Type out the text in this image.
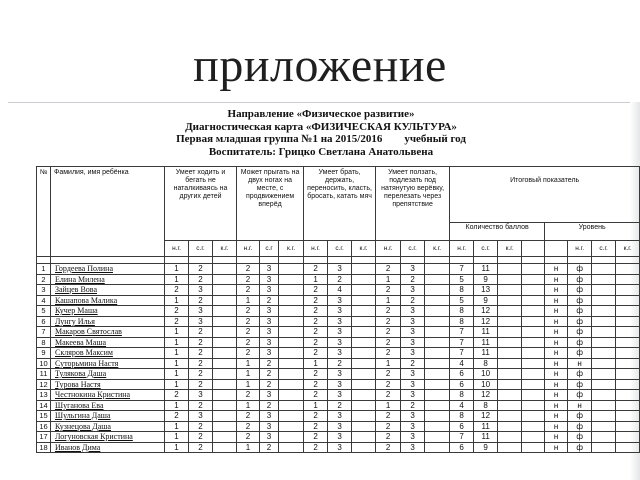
приложение
Направление «Физическое развитие»
Диагностическая карта «ФИЗИЧЕСКАЯ КУЛЬТУРА»
Первая младшая группа №1 на 2015/2016 учебный год
Воспитатель: Грицко Светлана Анатольвена
№	Фамилия, имя ребёнка	Умеет ходить и бегать не наталкиваясь на других детей			Может прыгать на двух ногах на месте, с продвижением вперёд			Умеет брать, держать, переносить, класть, бросать, катать мяч			Умеет ползать, подлезать под натянутую верёвку, перелезать через препятствие			Итоговый показатель							
														Количество баллов				Уровень			
		н.г.	с.г.	к.г.	н.г.	с.г	к.г.	н.г.	с.г.	к.г.	н.г.	с.г.	к.г.	н.г.	с.г.	к.г.			н.г.	с.г.	к.г.

1	Гордеева Полина	1	2		2	3		2	3		2	3		7	11			н	ф		
2	Елина Милена	1	2		2	3		1	2		1	2		5	9			н	ф		
3	Зайцев Вова	2	3		2	3		2	4		2	3		8	13			н	ф		
4	Кашапова Малика	1	2		1	2		2	3		1	2		5	9			н	ф		
5	Кучер Маша	2	3		2	3		2	3		2	3		8	12			н	ф		
6	Лунгу Илья	2	3		2	3		2	3		2	3		8	12			н	ф		
7	Макаров Святослав	1	2		2	3		2	3		2	3		7	11			н	ф		
8	Макеева Маша	1	2		2	3		2	3		2	3		7	11			н	ф		
9	Скляров Максим	1	2		2	3		2	3		2	3		7	11			н	ф		
10	Суторьмина Настя	1	2		1	2		1	2		1	2		4	8			н	н		
11	Тулякова Даша	1	2		1	2		2	3		2	3		6	10			н	ф		
12	Турова Настя	1	2		1	2		2	3		2	3		6	10			н	ф		
13	Честнокина Кристина	2	3		2	3		2	3		2	3		8	12			н	ф		
14	Шуганова Ева	1	2		1	2		1	2		1	2		4	8			н	н		
15	Шульгина Даша	2	3		2	3		2	3		2	3		8	12			н	ф		
16	Кузнецова Даша	1	2		2	3		2	3		2	3		6	11			н	ф		
17	Логуновская Кристина	1	2		2	3		2	3		2	3		7	11			н	ф		
18	Иванов Дима	1	2		1	2		2	3		2	3		6	9			н	ф		
